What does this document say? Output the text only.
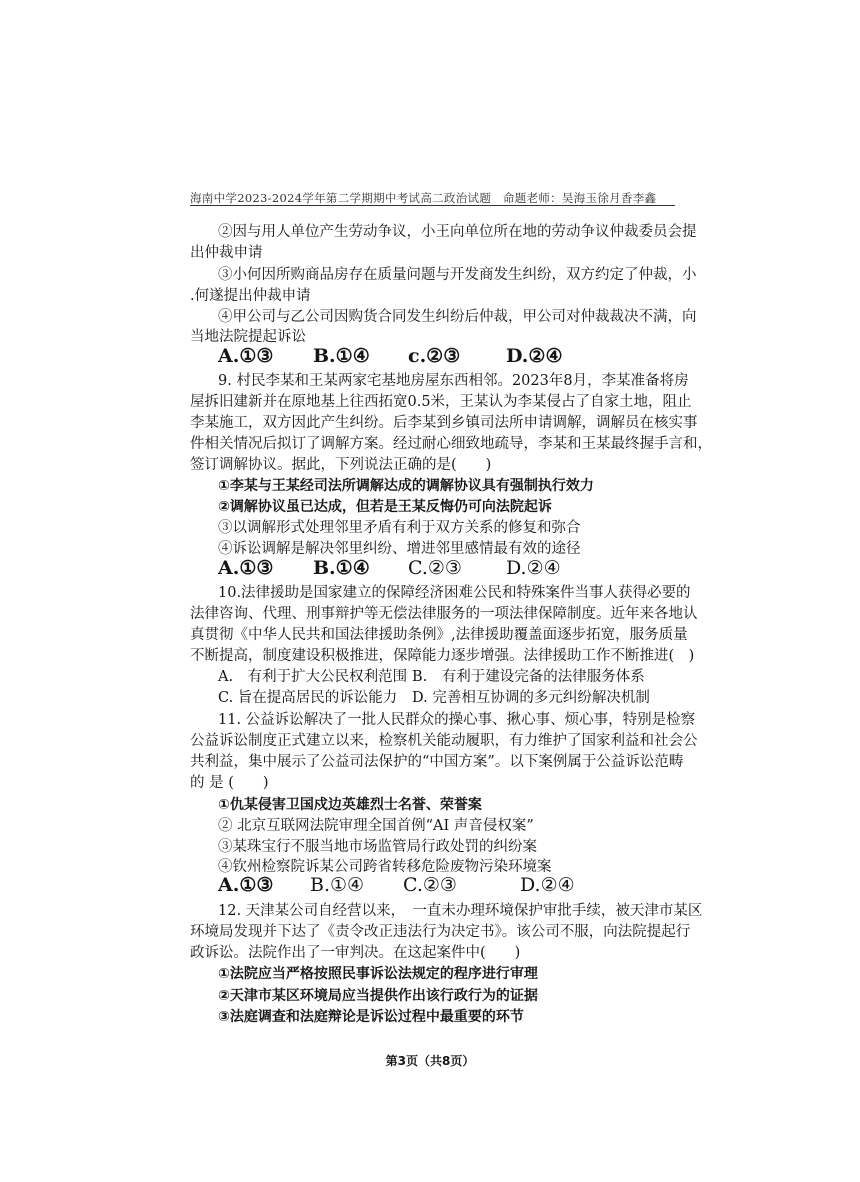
海南中学2023-2024学年第二学期期中考试高二政治试题　命题老师：吴海玉徐月香李鑫
②因与用人单位产生劳动争议，小王向单位所在地的劳动争议仲裁委员会提
出仲裁申请
③小何因所购商品房存在质量问题与开发商发生纠纷，双方约定了仲裁，小
.何遂提出仲裁申请
④甲公司与乙公司因购货合同发生纠纷后仲裁，甲公司对仲裁裁决不满，向
当地法院提起诉讼
A.①③ B.①④ c.②③ D.②④
9. 村民李某和王某两家宅基地房屋东西相邻。2023年8月，李某准备将房
屋拆旧建新并在原地基上往西拓宽0.5米，王某认为李某侵占了自家土地，阻止
李某施工，双方因此产生纠纷。后李某到乡镇司法所申请调解，调解员在核实事
件相关情况后拟订了调解方案。经过耐心细致地疏导，李某和王某最终握手言和，
签订调解协议。据此，下列说法正确的是(　　)
①李某与王某经司法所调解达成的调解协议具有强制执行效力
②调解协议虽已达成，但若是王某反悔仍可向法院起诉
③以调解形式处理邻里矛盾有利于双方关系的修复和弥合
④诉讼调解是解决邻里纠纷、增进邻里感情最有效的途径
A.①③ B.①④ C.②③ D.②④
10.法律援助是国家建立的保障经济困难公民和特殊案件当事人获得必要的
法律咨询、代理、刑事辩护等无偿法律服务的一项法律保障制度。近年来各地认
真贯彻《中华人民共和国法律援助条例》,法律援助覆盖面逐步拓宽，服务质量
不断提高，制度建设积极推进，保障能力逐步增强。法律援助工作不断推进(　)
A.　有利于扩大公民权利范围 B.　有利于建设完备的法律服务体系
C. 旨在提高居民的诉讼能力 D. 完善相互协调的多元纠纷解决机制
11. 公益诉讼解决了一批人民群众的操心事、揪心事、烦心事，特别是检察
公益诉讼制度正式建立以来，检察机关能动履职，有力维护了国家利益和社会公
共利益，集中展示了公益司法保护的“中国方案”。以下案例属于公益诉讼范畴
的 是 (　　)
①仇某侵害卫国戍边英雄烈士名誉、荣誉案
② 北京互联网法院审理全国首例“AI 声音侵权案”
③某珠宝行不服当地市场监管局行政处罚的纠纷案
④钦州检察院诉某公司跨省转移危险废物污染环境案
A.①③ B.①④ C.②③	D.②④
12. 天津某公司自经营以来，　一直未办理环境保护审批手续，被天津市某区
环境局发现并下达了《责令改正违法行为决定书》。该公司不服，向法院提起行
政诉讼。法院作出了一审判决。在这起案件中(　　)
①法院应当严格按照民事诉讼法规定的程序进行审理
②天津市某区环境局应当提供作出该行政行为的证据
③法庭调查和法庭辩论是诉讼过程中最重要的环节
第3页（共8页）
